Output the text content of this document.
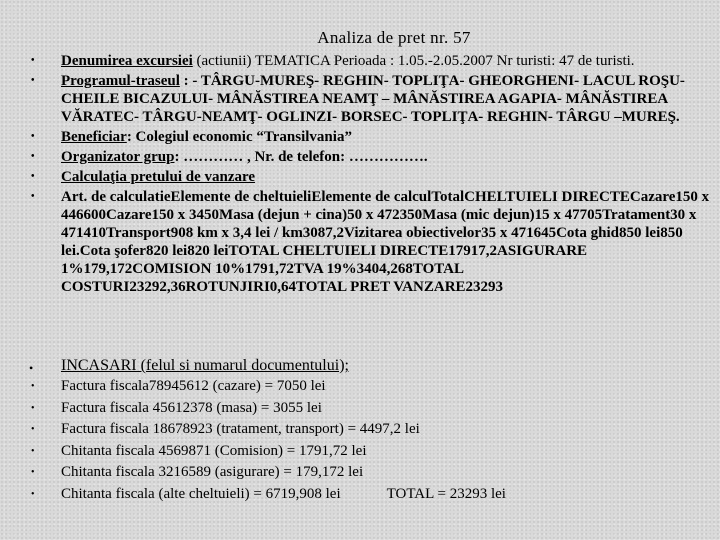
Analiza de pret nr. 57
• Denumirea excursiei (actiunii) TEMATICA Perioada : 1.05.-2.05.2007 Nr turisti: 47 de turisti.
• Programul-traseul : - TÂRGU-MUREŞ- REGHIN- TOPLIŢA- GHEORGHENI- LACUL ROŞU- CHEILE BICAZULUI- MÂNĂSTIREA NEAMŢ – MÂNĂSTIREA AGAPIA- MÂNĂSTIREA VĂRATEC- TÂRGU-NEAMŢ- OGLINZI- BORSEC- TOPLIŢA- REGHIN- TÂRGU –MUREŞ.
• Beneficiar: Colegiul economic “Transilvania”
• Organizator grup: ………… , Nr. de telefon: …………….
• Calculaţia pretului de vanzare
• Art. de calculatieElemente de cheltuieliElemente de calculTotalCHELTUIELI DIRECTECazare150 x 446600Cazare150 x 3450Masa (dejun + cina)50 x 472350Masa (mic dejun)15 x 47705Tratament30 x 471410Transport908 km x 3,4 lei / km3087,2Vizitarea obiectivelor35 x 471645Cota ghid850 lei850 lei.Cota şofer820 lei820 leiTOTAL CHELTUIELI DIRECTE17917,2ASIGURARE 1%179,172COMISION 10%1791,72TVA 19%3404,268TOTAL COSTURI23292,36ROTUNJIRI0,64TOTAL PRET VANZARE23293
• INCASARI (felul si numarul documentului);
• Factura fiscala78945612 (cazare) = 7050 lei
• Factura fiscala 45612378 (masa) = 3055 lei
• Factura fiscala 18678923 (tratament, transport) = 4497,2 lei
• Chitanta fiscala 4569871 (Comision) = 1791,72 lei
• Chitanta fiscala 3216589 (asigurare) = 179,172 lei
• Chitanta fiscala (alte cheltuieli) = 6719,908 lei	TOTAL = 23293 lei
